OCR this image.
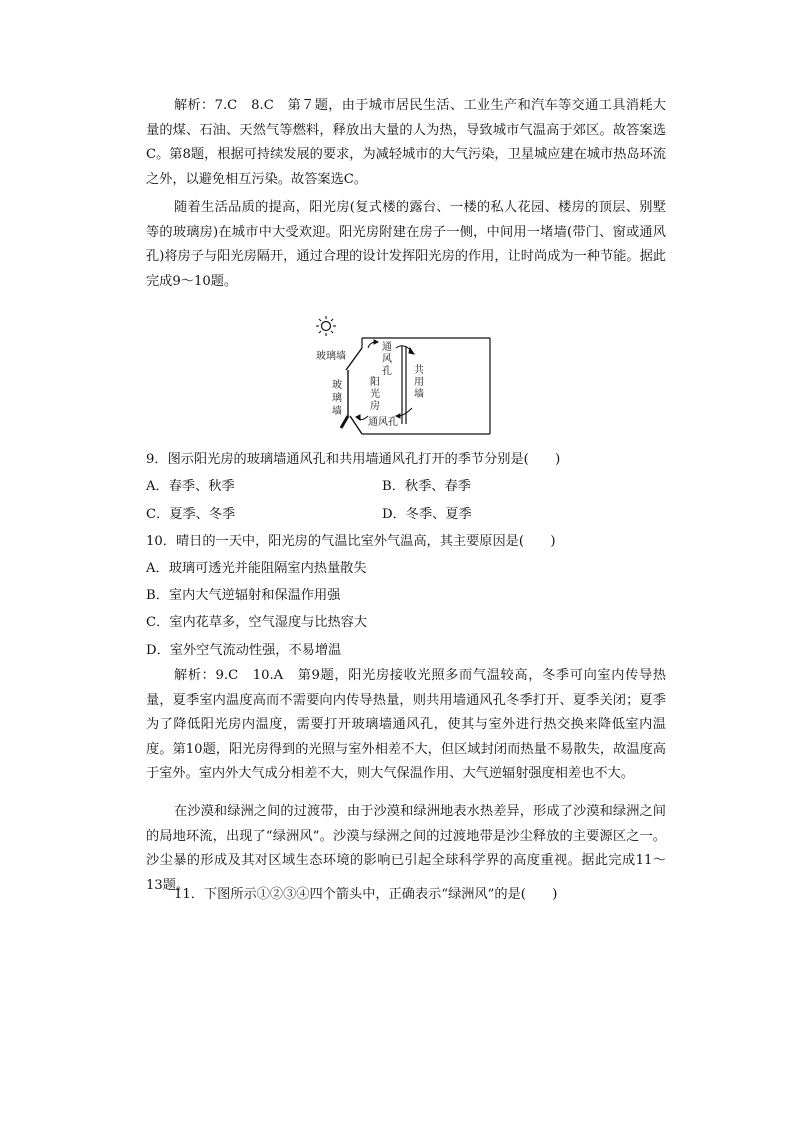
解析：7.C　8.C　第７题，由于城市居民生活、工业生产和汽车等交通工具消耗大量的煤、石油、天然气等燃料，释放出大量的人为热，导致城市气温高于郊区。故答案选C。第8题，根据可持续发展的要求，为减轻城市的大气污染，卫星城应建在城市热岛环流之外，以避免相互污染。故答案选C。

随着生活品质的提高，阳光房(复式楼的露台、一楼的私人花园、楼房的顶层、别墅等的玻璃房)在城市中大受欢迎。阳光房附建在房子一侧，中间用一堵墙(带门、窗或通风孔)将房子与阳光房隔开，通过合理的设计发挥阳光房的作用，让时尚成为一种节能。据此完成9～10题。

玻璃墙
玻
璃
墙
通
风
孔
阳
光
房
通风孔
共
用
墙
9．图示阳光房的玻璃墙通风孔和共用墙通风孔打开的季节分别是(　　)
A．春季、秋季	B．秋季、春季
C．夏季、冬季	D．冬季、夏季
10．晴日的一天中，阳光房的气温比室外气温高，其主要原因是(　　)
A．玻璃可透光并能阻隔室内热量散失
B．室内大气逆辐射和保温作用强
C．室内花草多，空气湿度与比热容大
D．室外空气流动性强，不易增温

解析：9.C　10.A　第9题，阳光房接收光照多而气温较高，冬季可向室内传导热量，夏季室内温度高而不需要向内传导热量，则共用墙通风孔冬季打开、夏季关闭；夏季为了降低阳光房内温度，需要打开玻璃墙通风孔，使其与室外进行热交换来降低室内温度。第10题，阳光房得到的光照与室外相差不大，但区域封闭而热量不易散失，故温度高于室外。室内外大气成分相差不大，则大气保温作用、大气逆辐射强度相差也不大。

在沙漠和绿洲之间的过渡带，由于沙漠和绿洲地表水热差异，形成了沙漠和绿洲之间的局地环流，出现了“绿洲风”。沙漠与绿洲之间的过渡地带是沙尘释放的主要源区之一。沙尘暴的形成及其对区域生态环境的影响已引起全球科学界的高度重视。据此完成11～13题。

11．下图所示①②③④四个箭头中，正确表示“绿洲风”的是(　　)
